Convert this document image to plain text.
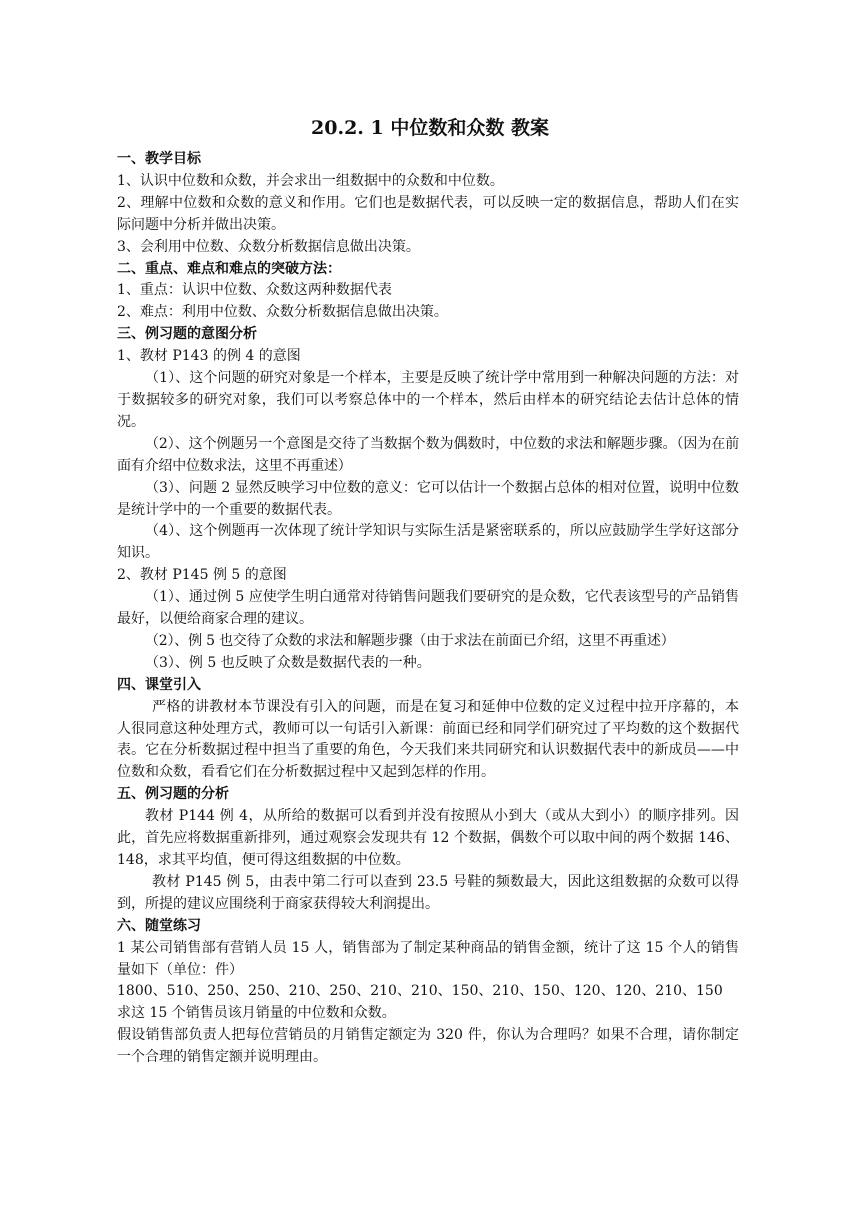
20.2. 1 中位数和众数 教案

一、教学目标

1、认识中位数和众数，并会求出一组数据中的众数和中位数。

2、理解中位数和众数的意义和作用。它们也是数据代表，可以反映一定的数据信息，帮助人们在实际问题中分析并做出决策。

3、会利用中位数、众数分析数据信息做出决策。

二、重点、难点和难点的突破方法：

1、重点：认识中位数、众数这两种数据代表

2、难点：利用中位数、众数分析数据信息做出决策。

三、例习题的意图分析

1、教材 P143 的例 4 的意图

（1）、这个问题的研究对象是一个样本，主要是反映了统计学中常用到一种解决问题的方法：对于数据较多的研究对象，我们可以考察总体中的一个样本，然后由样本的研究结论去估计总体的情况。

（2）、这个例题另一个意图是交待了当数据个数为偶数时，中位数的求法和解题步骤。（因为在前面有介绍中位数求法，这里不再重述）

（3）、问题 2 显然反映学习中位数的意义：它可以估计一个数据占总体的相对位置，说明中位数是统计学中的一个重要的数据代表。

（4）、这个例题再一次体现了统计学知识与实际生活是紧密联系的，所以应鼓励学生学好这部分知识。

2、教材 P145 例 5 的意图

（1）、通过例 5 应使学生明白通常对待销售问题我们要研究的是众数，它代表该型号的产品销售最好，以便给商家合理的建议。

（2）、例 5 也交待了众数的求法和解题步骤（由于求法在前面已介绍，这里不再重述）

（3）、例 5 也反映了众数是数据代表的一种。

四、课堂引入

严格的讲教材本节课没有引入的问题，而是在复习和延伸中位数的定义过程中拉开序幕的，本人很同意这种处理方式，教师可以一句话引入新课：前面已经和同学们研究过了平均数的这个数据代表。它在分析数据过程中担当了重要的角色，今天我们来共同研究和认识数据代表中的新成员——中位数和众数，看看它们在分析数据过程中又起到怎样的作用。

五、例习题的分析

教材 P144 例 4，从所给的数据可以看到并没有按照从小到大（或从大到小）的顺序排列。因此，首先应将数据重新排列，通过观察会发现共有 12 个数据，偶数个可以取中间的两个数据 146、148，求其平均值，便可得这组数据的中位数。

教材 P145 例 5，由表中第二行可以查到 23.5 号鞋的频数最大，因此这组数据的众数可以得到，所提的建议应围绕利于商家获得较大利润提出。

六、随堂练习

1 某公司销售部有营销人员 15 人，销售部为了制定某种商品的销售金额，统计了这 15 个人的销售量如下（单位：件）

1800、510、250、250、210、250、210、210、150、210、150、120、120、210、150

求这 15 个销售员该月销量的中位数和众数。

假设销售部负责人把每位营销员的月销售定额定为 320 件，你认为合理吗？如果不合理，请你制定一个合理的销售定额并说明理由。
